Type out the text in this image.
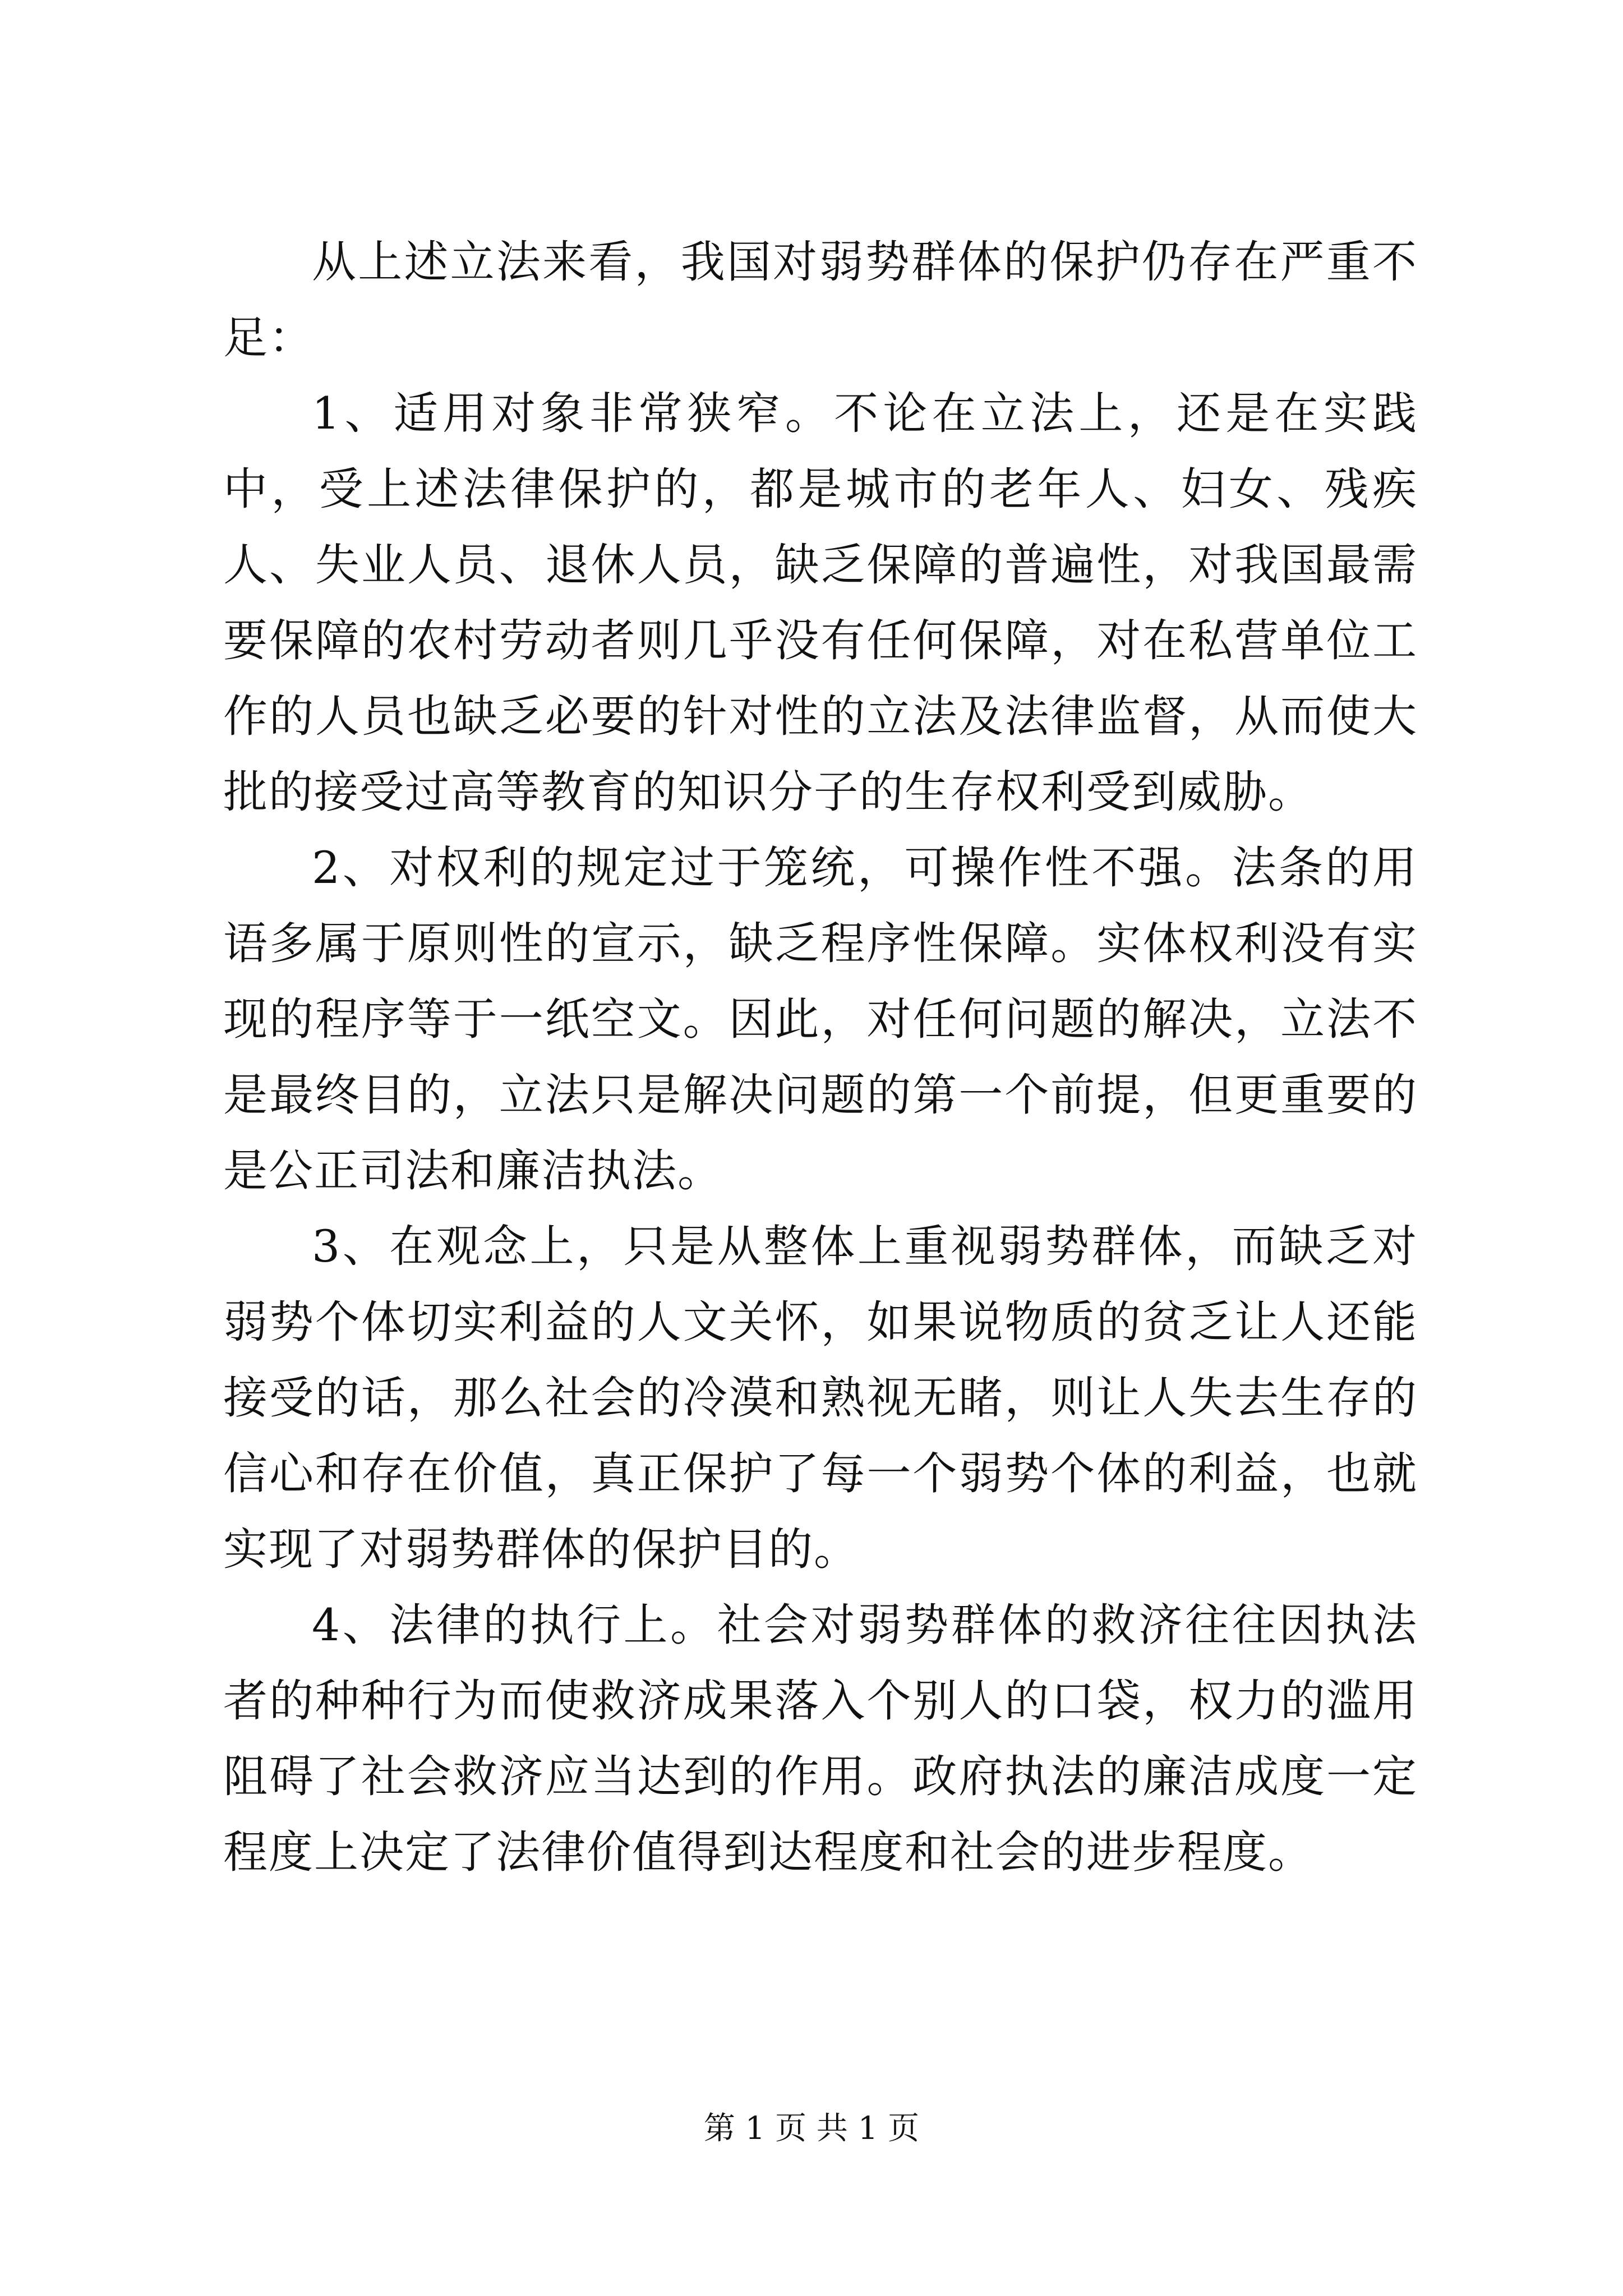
从上述立法来看，我国对弱势群体的保护仍存在严重不足：

1、适用对象非常狭窄。不论在立法上，还是在实践中，受上述法律保护的，都是城市的老年人、妇女、残疾人、失业人员、退休人员，缺乏保障的普遍性，对我国最需要保障的农村劳动者则几乎没有任何保障，对在私营单位工作的人员也缺乏必要的针对性的立法及法律监督，从而使大批的接受过高等教育的知识分子的生存权利受到威胁。

2、对权利的规定过于笼统，可操作性不强。法条的用语多属于原则性的宣示，缺乏程序性保障。实体权利没有实现的程序等于一纸空文。因此，对任何问题的解决，立法不是最终目的，立法只是解决问题的第一个前提，但更重要的是公正司法和廉洁执法。

3、在观念上，只是从整体上重视弱势群体，而缺乏对弱势个体切实利益的人文关怀，如果说物质的贫乏让人还能接受的话，那么社会的冷漠和熟视无睹，则让人失去生存的信心和存在价值，真正保护了每一个弱势个体的利益，也就实现了对弱势群体的保护目的。

4、法律的执行上。社会对弱势群体的救济往往因执法者的种种行为而使救济成果落入个别人的口袋，权力的滥用阻碍了社会救济应当达到的作用。政府执法的廉洁成度一定程度上决定了法律价值得到达程度和社会的进步程度。

第 1 页 共 1 页
